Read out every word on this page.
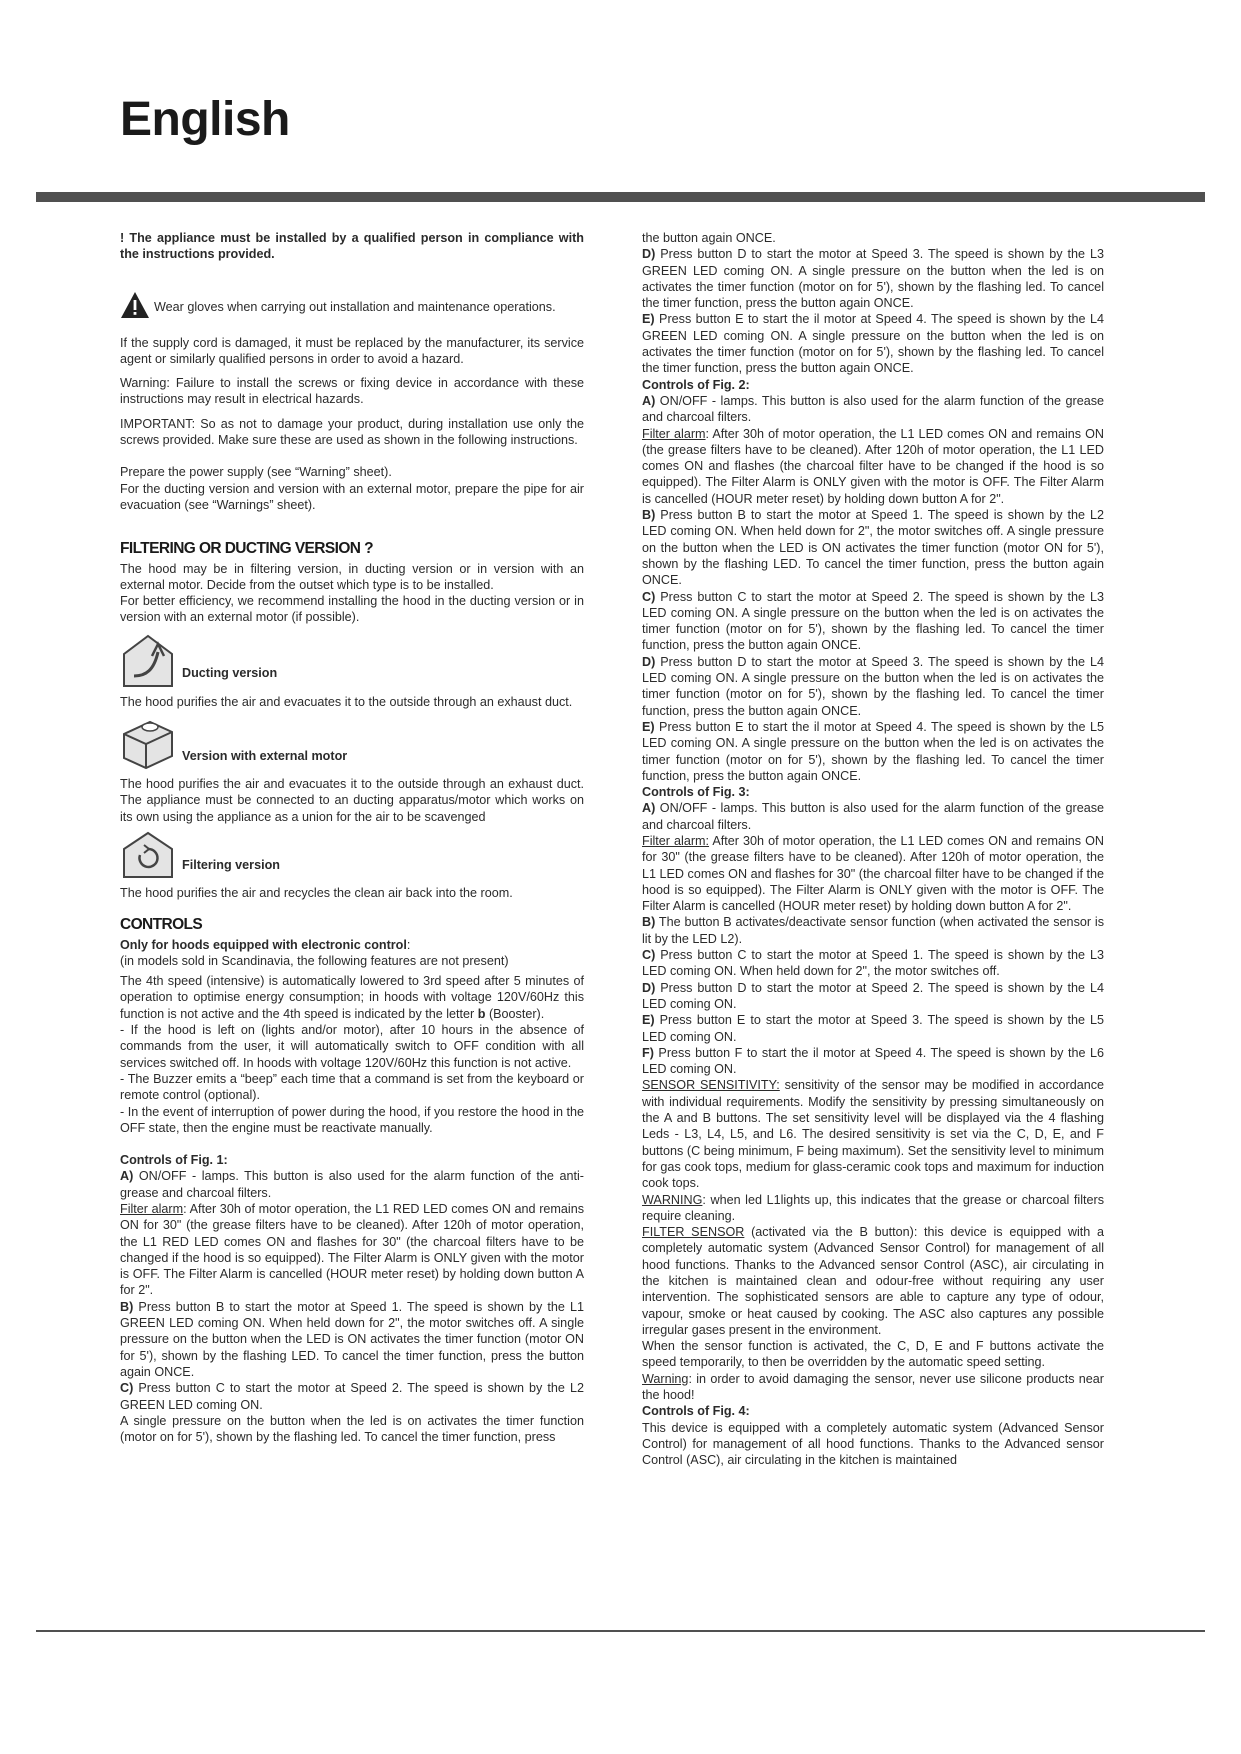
English

! The appliance must be installed by a qualified person in compliance with the instructions provided.

Wear gloves when carrying out installation and maintenance operations.

If the supply cord is damaged, it must be replaced by the manufacturer, its service agent or similarly qualified persons in order to avoid a hazard.

Warning: Failure to install the screws or fixing device in accordance with these instructions may result in electrical hazards.

IMPORTANT: So as not to damage your product, during installation use only the screws provided. Make sure these are used as shown in the following instructions.

Prepare the power supply (see “Warning” sheet).

For the ducting version and version with an external motor, prepare the pipe for air evacuation (see “Warnings” sheet).

FILTERING OR DUCTING VERSION ?

The hood may be in filtering version, in ducting version or in version with an external motor. Decide from the outset which type is to be installed.

For better efficiency, we recommend installing the hood in the ducting version or in version with an external motor (if possible).

Ducting version

The hood purifies the air and evacuates it to the outside through an exhaust duct.

Version with external motor

The hood purifies the air and evacuates it to the outside through an exhaust duct. The appliance must be connected to an ducting apparatus/motor which works on its own using the appliance as a union for the air to be scavenged

Filtering version

The hood purifies the air and recycles the clean air back into the room.

CONTROLS

Only for hoods equipped with electronic control:

(in models sold in Scandinavia, the following features are not present)

The 4th speed (intensive) is automatically lowered to 3rd speed after 5 minutes of operation to optimise energy consumption; in hoods with voltage 120V/60Hz this function is not active and the 4th speed is indicated by the letter b (Booster).

- If the hood is left on (lights and/or motor), after 10 hours in the absence of commands from the user, it will automatically switch to OFF condition with all services switched off. In hoods with voltage 120V/60Hz this function is not active.

- The Buzzer emits a “beep” each time that a command is set from the keyboard or remote control (optional).

- In the event of interruption of power during the hood, if you restore the hood in the OFF state, then the engine must be reactivate manually.

Controls of Fig. 1:

A) ON/OFF - lamps. This button is also used for the alarm function of the anti-grease and charcoal filters.

Filter alarm: After 30h of motor operation, the L1 RED LED comes ON and remains ON for 30" (the grease filters have to be cleaned). After 120h of motor operation, the L1 RED LED comes ON and flashes for 30" (the charcoal filters have to be changed if the hood is so equipped). The Filter Alarm is ONLY given with the motor is OFF. The Filter Alarm is cancelled (HOUR meter reset) by holding down button A for 2".

B) Press button B to start the motor at Speed 1. The speed is shown by the L1 GREEN LED coming ON. When held down for 2", the motor switches off. A single pressure on the button when the LED is ON activates the timer function (motor ON for 5'), shown by the flashing LED. To cancel the timer function, press the button again ONCE.

C) Press button C to start the motor at Speed 2. The speed is shown by the L2 GREEN LED coming ON.

A single pressure on the button when the led is on activates the timer function (motor on for 5'), shown by the flashing led. To cancel the timer function, press

the button again ONCE.

D) Press button D to start the motor at Speed 3. The speed is shown by the L3 GREEN LED coming ON. A single pressure on the button when the led is on activates the timer function (motor on for 5'), shown by the flashing led. To cancel the timer function, press the button again ONCE.

E) Press button E to start the il motor at Speed 4. The speed is shown by the L4 GREEN LED coming ON. A single pressure on the button when the led is on activates the timer function (motor on for 5'), shown by the flashing led. To cancel the timer function, press the button again ONCE.

Controls of Fig. 2:

A) ON/OFF - lamps. This button is also used for the alarm function of the grease and charcoal filters.

Filter alarm: After 30h of motor operation, the L1 LED comes ON and remains ON (the grease filters have to be cleaned). After 120h of motor operation, the L1 LED comes ON and flashes (the charcoal filter have to be changed if the hood is so equipped). The Filter Alarm is ONLY given with the motor is OFF. The Filter Alarm is cancelled (HOUR meter reset) by holding down button A for 2".

B) Press button B to start the motor at Speed 1. The speed is shown by the L2 LED coming ON. When held down for 2", the motor switches off. A single pressure on the button when the LED is ON activates the timer function (motor ON for 5'), shown by the flashing LED. To cancel the timer function, press the button again ONCE.

C) Press button C to start the motor at Speed 2. The speed is shown by the L3 LED coming ON. A single pressure on the button when the led is on activates the timer function (motor on for 5'), shown by the flashing led. To cancel the timer function, press the button again ONCE.

D) Press button D to start the motor at Speed 3. The speed is shown by the L4 LED coming ON. A single pressure on the button when the led is on activates the timer function (motor on for 5'), shown by the flashing led. To cancel the timer function, press the button again ONCE.

E) Press button E to start the il motor at Speed 4. The speed is shown by the L5 LED coming ON. A single pressure on the button when the led is on activates the timer function (motor on for 5'), shown by the flashing led. To cancel the timer function, press the button again ONCE.

Controls of Fig. 3:

A) ON/OFF - lamps. This button is also used for the alarm function of the grease and charcoal filters.

Filter alarm: After 30h of motor operation, the L1 LED comes ON and remains ON for 30" (the grease filters have to be cleaned). After 120h of motor operation, the L1 LED comes ON and flashes for 30" (the charcoal filter have to be changed if the hood is so equipped). The Filter Alarm is ONLY given with the motor is OFF. The Filter Alarm is cancelled (HOUR meter reset) by holding down button A for 2".

B) The button B activates/deactivate sensor function (when activated the sensor is lit by the LED L2).

C) Press button C to start the motor at Speed 1. The speed is shown by the L3 LED coming ON. When held down for 2", the motor switches off.

D) Press button D to start the motor at Speed 2. The speed is shown by the L4 LED coming ON.

E) Press button E to start the motor at Speed 3. The speed is shown by the L5 LED coming ON.

F) Press button F to start the il motor at Speed 4. The speed is shown by the L6 LED coming ON.

SENSOR SENSITIVITY: sensitivity of the sensor may be modified in accordance with individual requirements. Modify the sensitivity by pressing simultaneously on the A and B buttons. The set sensitivity level will be displayed via the 4 flashing Leds - L3, L4, L5, and L6. The desired sensitivity is set via the C, D, E, and F buttons (C being minimum, F being maximum). Set the sensitivity level to minimum for gas cook tops, medium for glass-ceramic cook tops and maximum for induction cook tops.

WARNING: when led L1lights up, this indicates that the grease or charcoal filters require cleaning.

FILTER SENSOR (activated via the B button): this device is equipped with a completely automatic system (Advanced Sensor Control) for management of all hood functions. Thanks to the Advanced sensor Control (ASC), air circulating in the kitchen is maintained clean and odour-free without requiring any user intervention. The sophisticated sensors are able to capture any type of odour, vapour, smoke or heat caused by cooking. The ASC also captures any possible irregular gases present in the environment.

When the sensor function is activated, the C, D, E and F buttons activate the speed temporarily, to then be overridden by the automatic speed setting.

Warning: in order to avoid damaging the sensor, never use silicone products near the hood!

Controls of Fig. 4:

This device is equipped with a completely automatic system (Advanced Sensor Control) for management of all hood functions. Thanks to the Advanced sensor Control (ASC), air circulating in the kitchen is maintained
